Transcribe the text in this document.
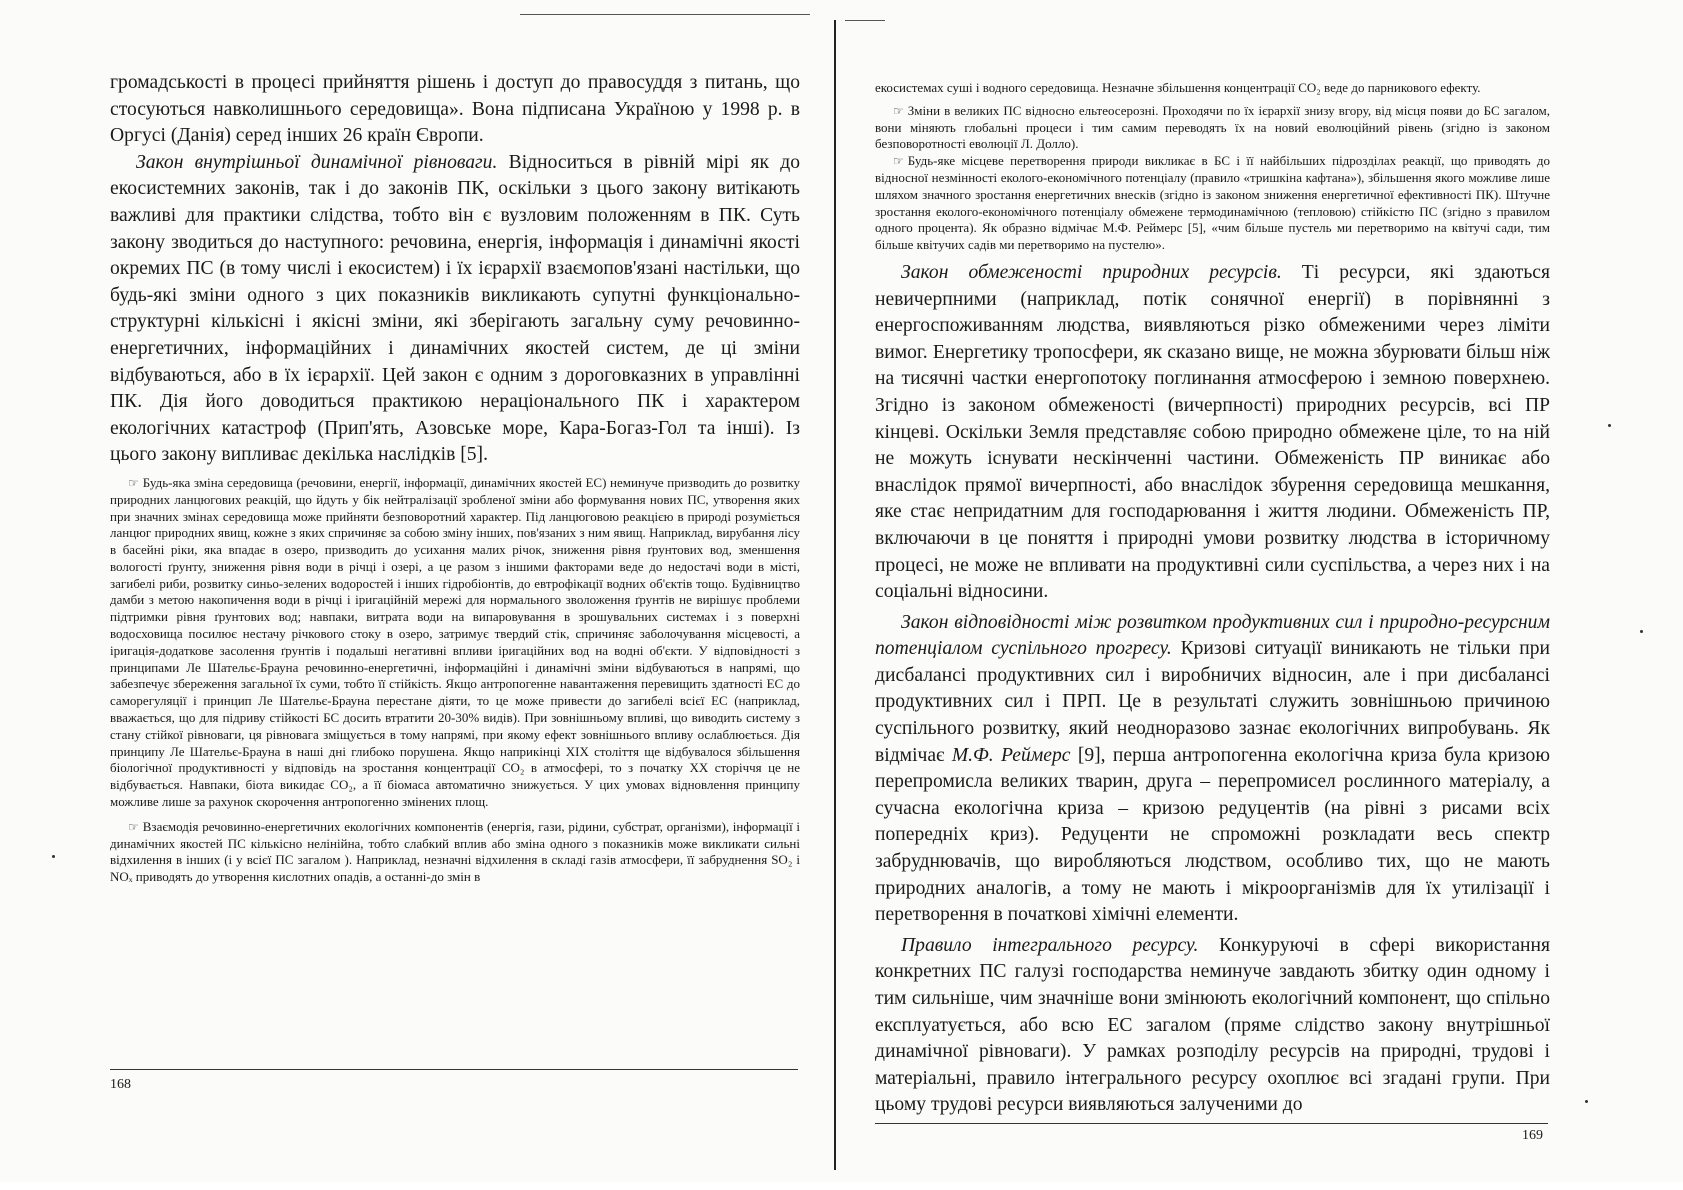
громадськості в процесі прийняття рішень і доступ до правосуддя з питань, що стосуються навколишнього середовища». Вона підписана Україною у 1998 р. в Оргусі (Данія) серед інших 26 країн Європи.

Закон внутрішньої динамічної рівноваги. Відноситься в рівній мірі як до екосистемних законів, так і до законів ПК, оскільки з цього закону витікають важливі для практики слідства, тобто він є вузловим положенням в ПК. Суть закону зводиться до наступного: речовина, енергія, інформація і динамічні якості окремих ПС (в тому числі і екосистем) і їх ієрархії взаємопов'язані настільки, що будь-які зміни одного з цих показників викликають супутні функціонально-структурні кількісні і якісні зміни, які зберігають загальну суму речовинно-енергетичних, інформаційних і динамічних якостей систем, де ці зміни відбуваються, або в їх ієрархії. Цей закон є одним з дороговказних в управлінні ПК. Дія його доводиться практикою нераціонального ПК і характером екологічних катастроф (Прип'ять, Азовське море, Кара-Богаз-Гол та інші). Із цього закону випливає декілька наслідків [5].

☞ Будь-яка зміна середовища (речовини, енергії, інформації, динамічних якостей ЕС) неминуче призводить до розвитку природних ланцюгових реакцій, що йдуть у бік нейтралізації зробленої зміни або формування нових ПС, утворення яких при значних змінах середовища може прийняти безповоротний характер. Під ланцюговою реакцією в природі розуміється ланцюг природних явищ, кожне з яких спричиняє за собою зміну інших, пов'язаних з ним явищ. Наприклад, вирубання лісу в басейні ріки, яка впадає в озеро, призводить до усихання малих річок, зниження рівня ґрунтових вод, зменшення вологості ґрунту, зниження рівня води в річці і озері, а це разом з іншими факторами веде до недостачі води в місті, загибелі риби, розвитку синьо-зелених водоростей і інших гідробіонтів, до евтрофікації водних об'єктів тощо. Будівництво дамби з метою накопичення води в річці і іригаційній мережі для нормального зволоження ґрунтів не вирішує проблеми підтримки рівня ґрунтових вод; навпаки, витрата води на випаровування в зрошувальних системах і з поверхні водосховища посилює нестачу річкового стоку в озеро, затримує твердий стік, спричиняє заболочування місцевості, а іригація-додаткове засолення ґрунтів і подальші негативні впливи іригаційних вод на водні об'єкти. У відповідності з принципами Ле Шательє-Брауна речовинно-енергетичні, інформаційні і динамічні зміни відбуваються в напрямі, що забезпечує збереження загальної їх суми, тобто її стійкість. Якщо антропогенне навантаження перевищить здатності ЕС до саморегуляції і принцип Ле Шательє-Брауна перестане діяти, то це може привести до загибелі всієї ЕС (наприклад, вважається, що для підриву стійкості БС досить втратити 20-30% видів). При зовнішньому впливі, що виводить систему з стану стійкої рівноваги, ця рівновага зміщується в тому напрямі, при якому ефект зовнішнього впливу ослаблюється. Дія принципу Ле Шательє-Брауна в наші дні глибоко порушена. Якщо наприкінці XIX століття ще відбувалося збільшення біологічної продуктивності у відповідь на зростання концентрації CO₂ в атмосфері, то з початку XX сторіччя це не відбувається. Навпаки, біота викидає CO₂, а її біомаса автоматично знижується. У цих умовах відновлення принципу можливе лише за рахунок скорочення антропогенно змінених площ.

☞ Взаємодія речовинно-енергетичних екологічних компонентів (енергія, гази, рідини, субстрат, організми), інформації і динамічних якостей ПС кількісно нелінійна, тобто слабкий вплив або зміна одного з показників може викликати сильні відхилення в інших (і у всієї ПС загалом ). Наприклад, незначні відхилення в складі газів атмосфери, її забруднення SO₂ і NOₓ приводять до утворення кислотних опадів, а останні-до змін в

168

екосистемах суші і водного середовища. Незначне збільшення концентрації CO₂ веде до парникового ефекту.

☞ Зміни в великих ПС відносно ельтеосерозні. Проходячи по їх ієрархії знизу вгору, від місця появи до БС загалом, вони міняють глобальні процеси і тим самим переводять їх на новий еволюційний рівень (згідно із законом безповоротності еволюції Л. Долло).

☞ Будь-яке місцеве перетворення природи викликає в БС і її найбільших підрозділах реакції, що приводять до відносної незмінності еколого-економічного потенціалу (правило «тришкіна кафтана»), збільшення якого можливе лише шляхом значного зростання енергетичних внесків (згідно із законом зниження енергетичної ефективності ПК). Штучне зростання еколого-економічного потенціалу обмежене термодинамічною (тепловою) стійкістю ПС (згідно з правилом одного процента). Як образно відмічає М.Ф. Реймерс [5], «чим більше пустель ми перетворимо на квітучі сади, тим більше квітучих садів ми перетворимо на пустелю».

Закон обмеженості природних ресурсів. Ті ресурси, які здаються невичерпними (наприклад, потік сонячної енергії) в порівнянні з енергоспоживанням людства, виявляються різко обмеженими через ліміти вимог. Енергетику тропосфери, як сказано вище, не можна збурювати більш ніж на тисячні частки енергопотоку поглинання атмосферою і земною поверхнею. Згідно із законом обмеженості (вичерпності) природних ресурсів, всі ПР кінцеві. Оскільки Земля представляє собою природно обмежене ціле, то на ній не можуть існувати нескінченні частини. Обмеженість ПР виникає або внаслідок прямої вичерпності, або внаслідок збурення середовища мешкання, яке стає непридатним для господарювання і життя людини. Обмеженість ПР, включаючи в це поняття і природні умови розвитку людства в історичному процесі, не може не впливати на продуктивні сили суспільства, а через них і на соціальні відносини.

Закон відповідності між розвитком продуктивних сил і природно-ресурсним потенціалом суспільного прогресу. Кризові ситуації виникають не тільки при дисбалансі продуктивних сил і виробничих відносин, але і при дисбалансі продуктивних сил і ПРП. Це в результаті служить зовнішньою причиною суспільного розвитку, який неодноразово зазнає екологічних випробувань. Як відмічає М.Ф. Реймерс [9], перша антропогенна екологічна криза була кризою перепромисла великих тварин, друга – перепромисел рослинного матеріалу, а сучасна екологічна криза – кризою редуцентів (на рівні з рисами всіх попередніх криз). Редуценти не спроможні розкладати весь спектр забруднювачів, що виробляються людством, особливо тих, що не мають природних аналогів, а тому не мають і мікроорганізмів для їх утилізації і перетворення в початкові хімічні елементи.

Правило інтегрального ресурсу. Конкуруючі в сфері використання конкретних ПС галузі господарства неминуче завдають збитку один одному і тим сильніше, чим значніше вони змінюють екологічний компонент, що спільно експлуатується, або всю ЕС загалом (пряме слідство закону внутрішньої динамічної рівноваги). У рамках розподілу ресурсів на природні, трудові і матеріальні, правило інтегрального ресурсу охоплює всі згадані групи. При цьому трудові ресурси виявляються залученими до

169
